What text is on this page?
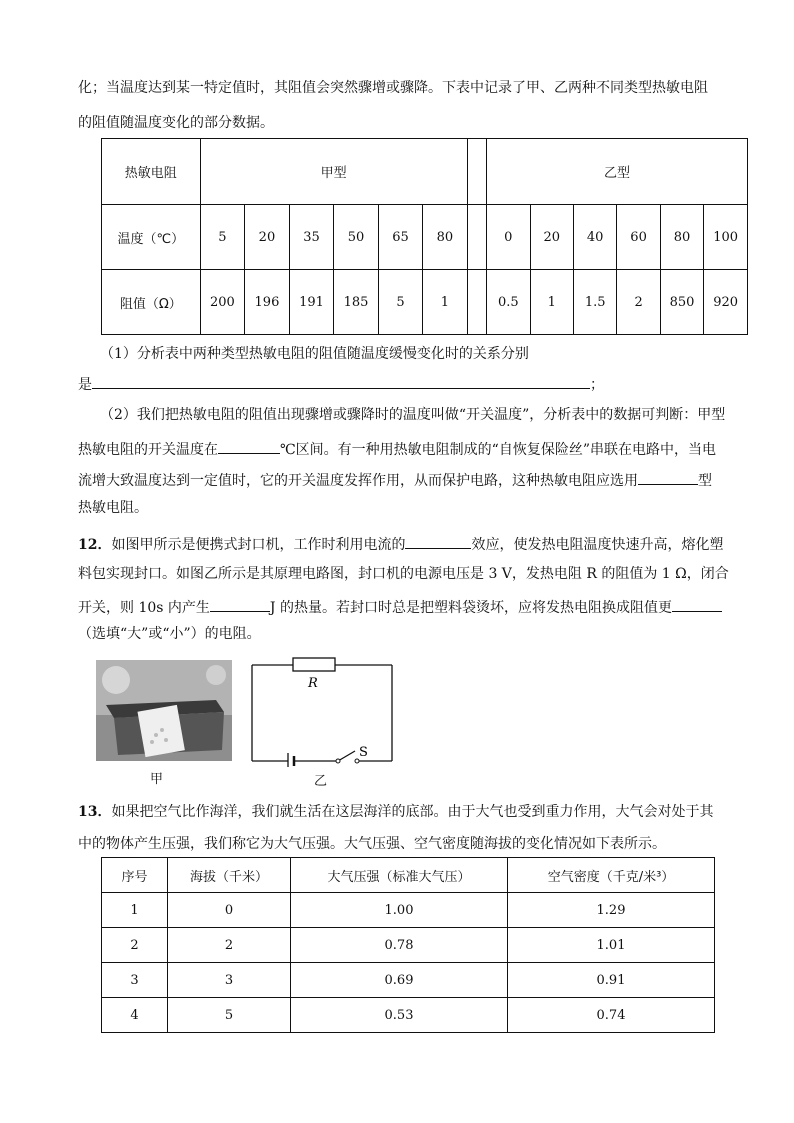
化；当温度达到某一特定值时，其阻值会突然骤增或骤降。下表中记录了甲、乙两种不同类型热敏电阻
的阻值随温度变化的部分数据。
热敏电阻	甲型							乙型					
温度（℃）	5	20	35	50	65	80		0	20	40	60	80	100
阻值（Ω）	200	196	191	185	5	1		0.5	1	1.5	2	850	920
（1）分析表中两种类型热敏电阻的阻值随温度缓慢变化时的关系分别
是	；
（2）我们把热敏电阻的阻值出现骤增或骤降时的温度叫做“开关温度”，分析表中的数据可判断：甲型
热敏电阻的开关温度在	℃区间。有一种用热敏电阻制成的“自恢复保险丝”串联在电路中，当电
流增大致温度达到一定值时，它的开关温度发挥作用，从而保护电路，这种热敏电阻应选用	型
热敏电阻。
12．如图甲所示是便携式封口机，工作时利用电流的	效应，使发热电阻温度快速升高，熔化塑
料包实现封口。如图乙所示是其原理电路图，封口机的电源电压是 3 V，发热电阻 R 的阻值为 1 Ω，闭合
开关，则 10s 内产生	J 的热量。若封口时总是把塑料袋烫坏，应将发热电阻换成阻值更
（选填“大”或“小”）的电阻。
甲
R
S
乙
13．如果把空气比作海洋，我们就生活在这层海洋的底部。由于大气也受到重力作用，大气会对处于其
中的物体产生压强，我们称它为大气压强。大气压强、空气密度随海拔的变化情况如下表所示。
序号	海拔（千米）	大气压强（标准大气压）	空气密度（千克/米³）
1	0	1.00	1.29
2	2	0.78	1.01
3	3	0.69	0.91
4	5	0.53	0.74
